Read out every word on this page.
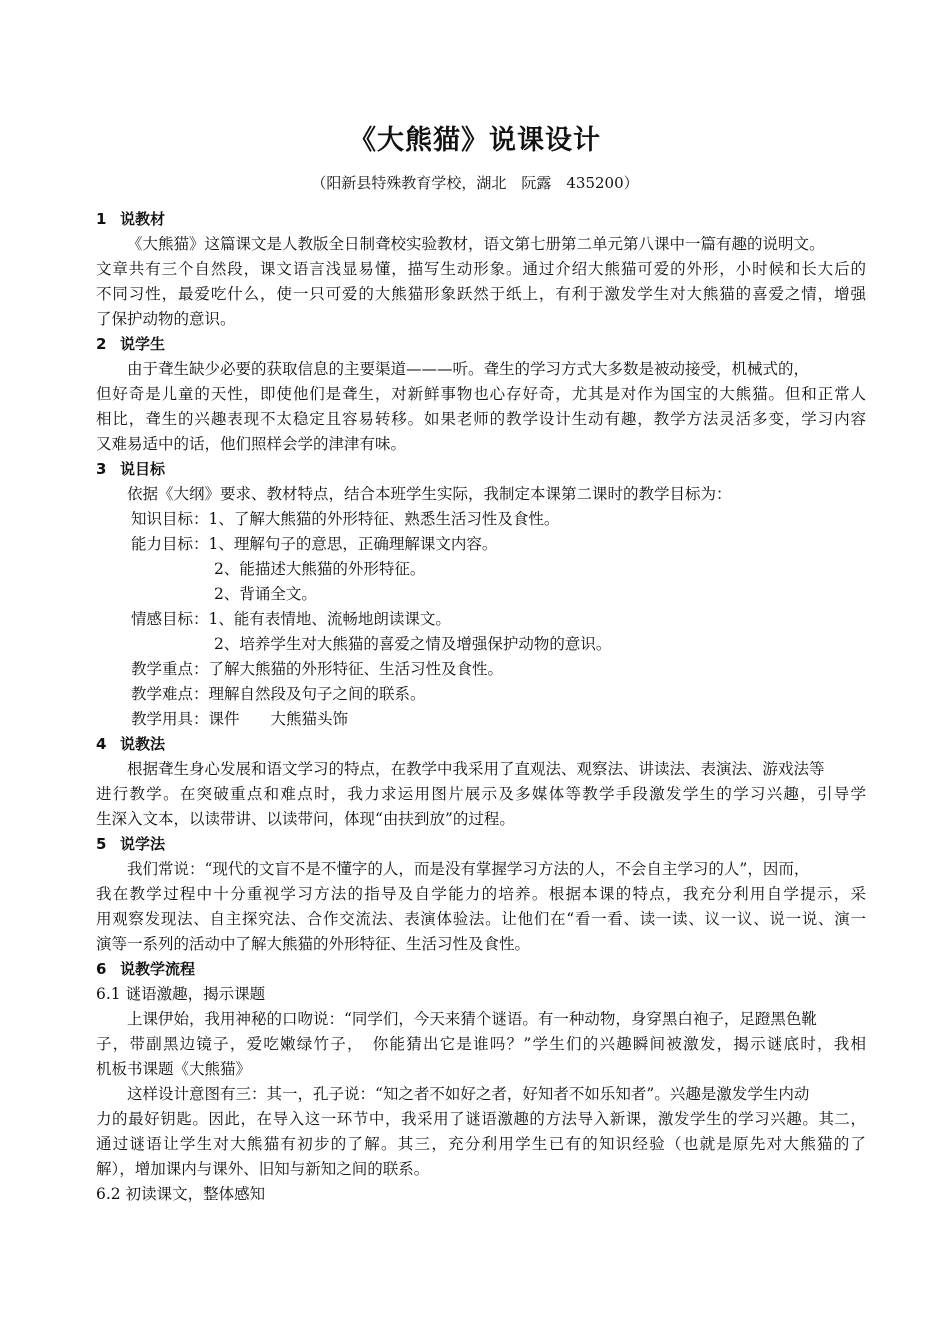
《大熊猫》说课设计
（阳新县特殊教育学校，湖北　阮露　435200）
1 说教材
《大熊猫》这篇课文是人教版全日制聋校实验教材，语文第七册第二单元第八课中一篇有趣的说明文。
文章共有三个自然段，课文语言浅显易懂，描写生动形象。通过介绍大熊猫可爱的外形，小时候和长大后的
不同习性，最爱吃什么，使一只可爱的大熊猫形象跃然于纸上，有利于激发学生对大熊猫的喜爱之情，增强
了保护动物的意识。
2 说学生
由于聋生缺少必要的获取信息的主要渠道———听。聋生的学习方式大多数是被动接受，机械式的，
但好奇是儿童的天性，即使他们是聋生，对新鲜事物也心存好奇，尤其是对作为国宝的大熊猫。但和正常人
相比，聋生的兴趣表现不太稳定且容易转移。如果老师的教学设计生动有趣，教学方法灵活多变，学习内容
又难易适中的话，他们照样会学的津津有味。
3 说目标
依据《大纲》要求、教材特点，结合本班学生实际，我制定本课第二课时的教学目标为：
知识目标：1、了解大熊猫的外形特征、熟悉生活习性及食性。
能力目标：1、理解句子的意思，正确理解课文内容。
2、能描述大熊猫的外形特征。
2、背诵全文。
情感目标：1、能有表情地、流畅地朗读课文。
2、培养学生对大熊猫的喜爱之情及增强保护动物的意识。
教学重点：了解大熊猫的外形特征、生活习性及食性。
教学难点：理解自然段及句子之间的联系。
教学用具：课件　　大熊猫头饰
4 说教法
根据聋生身心发展和语文学习的特点，在教学中我采用了直观法、观察法、讲读法、表演法、游戏法等
进行教学。在突破重点和难点时，我力求运用图片展示及多媒体等教学手段激发学生的学习兴趣，引导学
生深入文本，以读带讲、以读带问，体现“由扶到放”的过程。
5 说学法
我们常说：“现代的文盲不是不懂字的人，而是没有掌握学习方法的人，不会自主学习的人”，因而，
我在教学过程中十分重视学习方法的指导及自学能力的培养。根据本课的特点，我充分利用自学提示，采
用观察发现法、自主探究法、合作交流法、表演体验法。让他们在“看一看、读一读、议一议、说一说、演一
演等一系列的活动中了解大熊猫的外形特征、生活习性及食性。
6 说教学流程
6.1 谜语激趣，揭示课题
上课伊始，我用神秘的口吻说：“同学们，今天来猜个谜语。有一种动物，身穿黑白袍子，足蹬黑色靴
子，带副黑边镜子，爱吃嫩绿竹子，　你能猜出它是谁吗？”学生们的兴趣瞬间被激发，揭示谜底时，我相
机板书课题《大熊猫》
这样设计意图有三：其一，孔子说：“知之者不如好之者，好知者不如乐知者”。兴趣是激发学生内动
力的最好钥匙。因此，在导入这一环节中，我采用了谜语激趣的方法导入新课，激发学生的学习兴趣。其二，
通过谜语让学生对大熊猫有初步的了解。其三，充分利用学生已有的知识经验（也就是原先对大熊猫的了
解），增加课内与课外、旧知与新知之间的联系。
6.2 初读课文，整体感知
